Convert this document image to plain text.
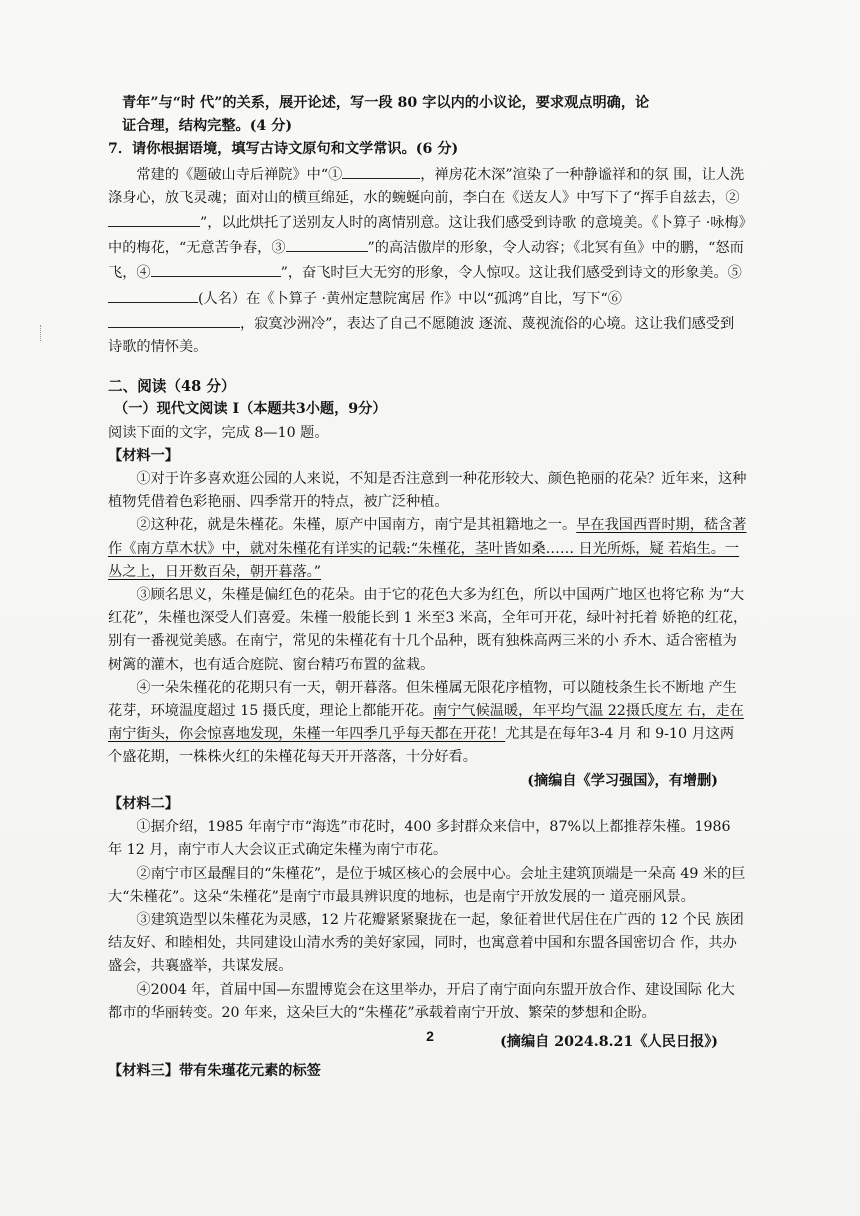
青年”与“时 代”的关系，展开论述，写一段 80 字以内的小议论，要求观点明确，论

证合理，结构完整。(4 分)

7．请你根据语境，填写古诗文原句和文学常识。(6 分)

常建的《题破山寺后禅院》中“①	，禅房花木深”渲染了一种静谧祥和的氛 围，让人洗涤身心，放飞灵魂；面对山的横亘绵延，水的蜿蜒向前，李白在《送友人》中写下了“挥手自兹去，②”，以此烘托了送别友人时的离情别意。这让我们感受到诗歌 的意境美。《卜算子 ·咏梅》中的梅花，“无意苦争春，③	”的高洁傲岸的形象，令人动容；《北冥有鱼》中的鹏，“怒而飞，④	”，奋飞时巨大无穷的形象，令人惊叹。这让我们感受到诗文的形象美。⑤(人名）在《卜算子 ·黄州定慧院寓居 作》中以“孤鸿”自比，写下“⑥，寂寞沙洲冷”，表达了自己不愿随波 逐流、蔑视流俗的心境。这让我们感受到诗歌的情怀美。

二、阅读（48 分）

（一）现代文阅读 Ⅰ（本题共3小题，9分）

阅读下面的文字，完成 8—10 题。

【材料一】

①对于许多喜欢逛公园的人来说，不知是否注意到一种花形较大、颜色艳丽的花朵？近年来，这种植物凭借着色彩艳丽、四季常开的特点，被广泛种植。

②这种花，就是朱槿花。朱槿，原产中国南方，南宁是其祖籍地之一。早在我国西晋时期，嵇含著作《南方草木状》中，就对朱槿花有详实的记载:“朱槿花，茎叶皆如桑…… 日光所烁，疑 若焰生。一丛之上，日开数百朵，朝开暮落。”

③顾名思义，朱槿是偏红色的花朵。由于它的花色大多为红色，所以中国两广地区也将它称 为“大红花”，朱槿也深受人们喜爱。朱槿一般能长到 1 米至3 米高，全年可开花，绿叶衬托着 娇艳的红花，别有一番视觉美感。在南宁，常见的朱槿花有十几个品种，既有独株高两三米的小 乔木、适合密植为树篱的灌木，也有适合庭院、窗台精巧布置的盆栽。

④一朵朱槿花的花期只有一天，朝开暮落。但朱槿属无限花序植物，可以随枝条生长不断地 产生花芽，环境温度超过 15 摄氏度，理论上都能开花。南宁气候温暖，年平均气温 22摄氏度左 右，走在南宁街头，你会惊喜地发现，朱槿一年四季几乎每天都在开花！尤其是在每年3-4 月 和 9-10 月这两个盛花期，一株株火红的朱槿花每天开开落落，十分好看。

(摘编自《学习强国》，有增删)

【材料二】

①据介绍，1985 年南宁市“海选”市花时，400 多封群众来信中，87%以上都推荐朱槿。1986 年 12 月，南宁市人大会议正式确定朱槿为南宁市花。

②南宁市区最醒目的“朱槿花”，是位于城区核心的会展中心。会址主建筑顶端是一朵高 49 米的巨大“朱槿花”。这朵“朱槿花”是南宁市最具辨识度的地标，也是南宁开放发展的一 道亮丽风景。

③建筑造型以朱槿花为灵感，12 片花瓣紧紧聚拢在一起，象征着世代居住在广西的 12 个民 族团结友好、和睦相处，共同建设山清水秀的美好家园，同时，也寓意着中国和东盟各国密切合 作，共办盛会，共襄盛举，共谋发展。

④2004 年，首届中国—东盟博览会在这里举办，开启了南宁面向东盟开放合作、建设国际 化大都市的华丽转变。20 年来，这朵巨大的“朱槿花”承载着南宁开放、繁荣的梦想和企盼。

(摘编自 2024.8.21《人民日报》)

【材料三】带有朱瑾花元素的标签

2
